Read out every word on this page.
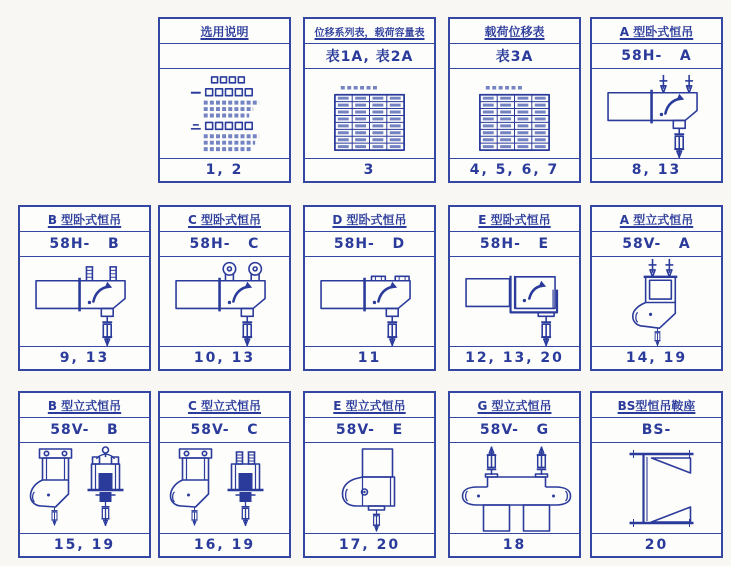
选用说明
1, 2
位移系列表，载荷容量表
表1A, 表2A
3
载荷位移表
表3A
4, 5, 6, 7
A 型卧式恒吊
58H-   A
8, 13
B 型卧式恒吊
58H-   B
9, 13
C 型卧式恒吊
58H-   C
10, 13
D 型卧式恒吊
58H-   D
11
E 型卧式恒吊
58H-   E
12, 13, 20
A 型立式恒吊
58V-   A
14, 19
B 型立式恒吊
58V-   B
15, 19
C 型立式恒吊
58V-   C
16, 19
E 型立式恒吊
58V-   E
17, 20
G 型立式恒吊
58V-   G
18
BS型恒吊鞍座
BS-
20
